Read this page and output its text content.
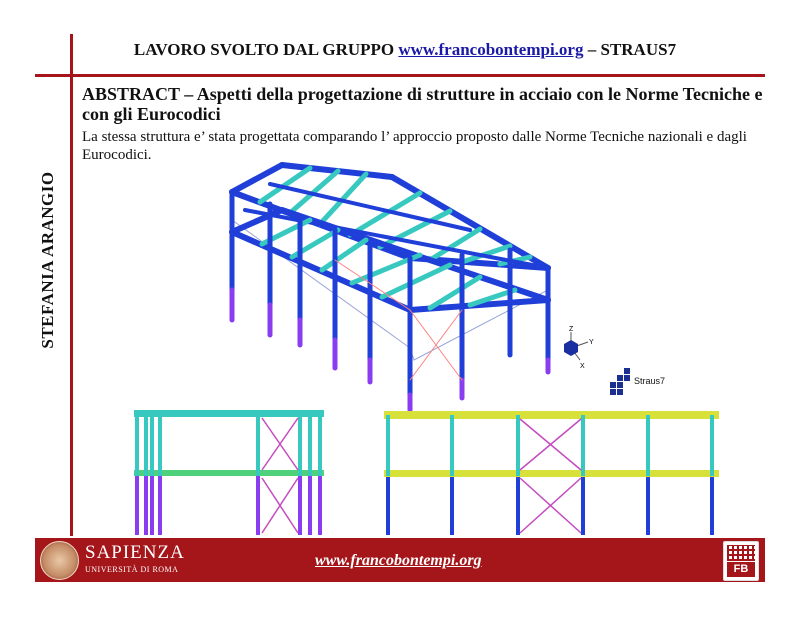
LAVORO SVOLTO DAL GRUPPO www.francobontempi.org – STRAUS7
STEFANIA ARANGIO
ABSTRACT – Aspetti della progettazione di strutture in acciaio con le Norme Tecniche e con gli Eurocodici
La stessa struttura e’ stata progettata comparando l’ approccio proposto dalle Norme Tecniche nazionali e dagli Eurocodici.
Z
Y
X
Straus7
SAPIENZA
UNIVERSITÀ DI ROMA
www.francobontempi.org	FB
